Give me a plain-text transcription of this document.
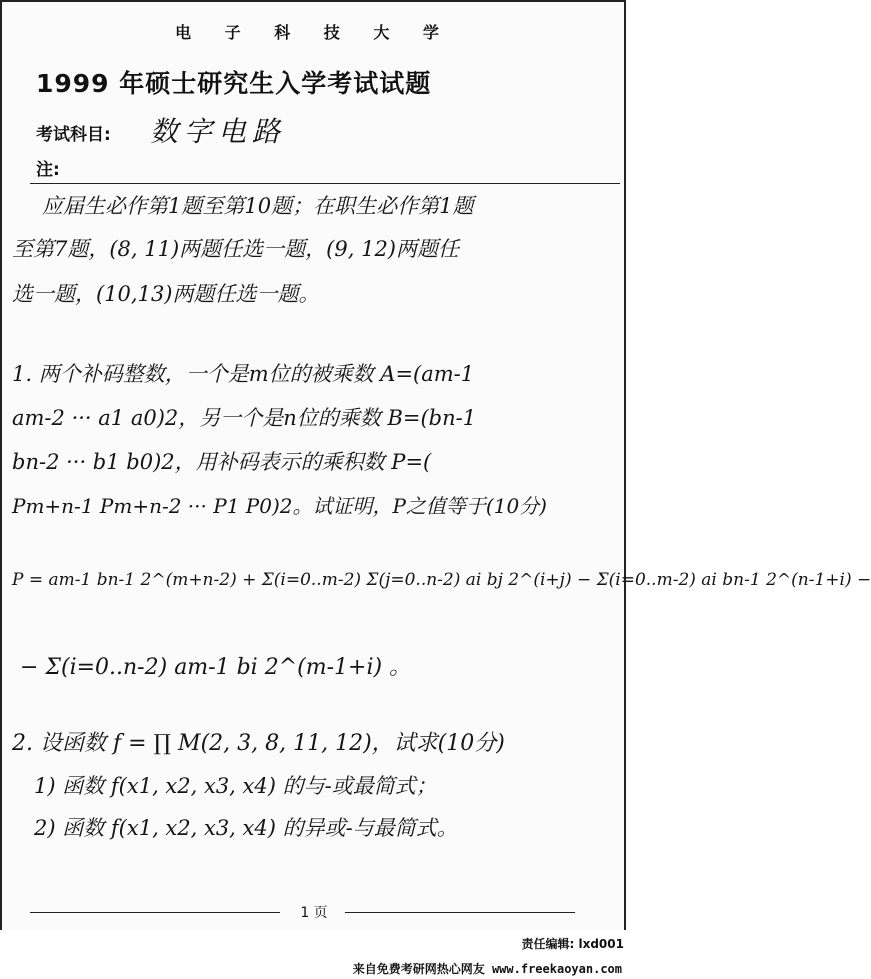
电 子 科 技 大 学
1999 年硕士研究生入学考试试题
考试科目: 数字电路
注:
应届生必作第1题至第10题；在职生必作第1题
至第7题，(8, 11)两题任选一题，(9, 12)两题任
选一题，(10,13)两题任选一题。
1. 两个补码整数，一个是m位的被乘数 A=(am-1
am-2 ··· a1 a0)2，另一个是n位的乘数 B=(bn-1
bn-2 ··· b1 b0)2，用补码表示的乘积数 P=(
Pm+n-1 Pm+n-2 ··· P1 P0)2。试证明，P之值等于(10分)
P = am-1 bn-1 2^(m+n-2) + Σ(i=0..m-2) Σ(j=0..n-2) ai bj 2^(i+j) − Σ(i=0..m-2) ai bn-1 2^(n-1+i) −
− Σ(i=0..n-2) am-1 bi 2^(m-1+i) 。
2. 设函数 f = ∏ M(2, 3, 8, 11, 12)，试求(10分)
1) 函数 f(x1, x2, x3, x4) 的与-或最简式；
2) 函数 f(x1, x2, x3, x4) 的异或-与最简式。
1 页
责任编辑: lxd001
来自免费考研网热心网友 www.freekaoyan.com
